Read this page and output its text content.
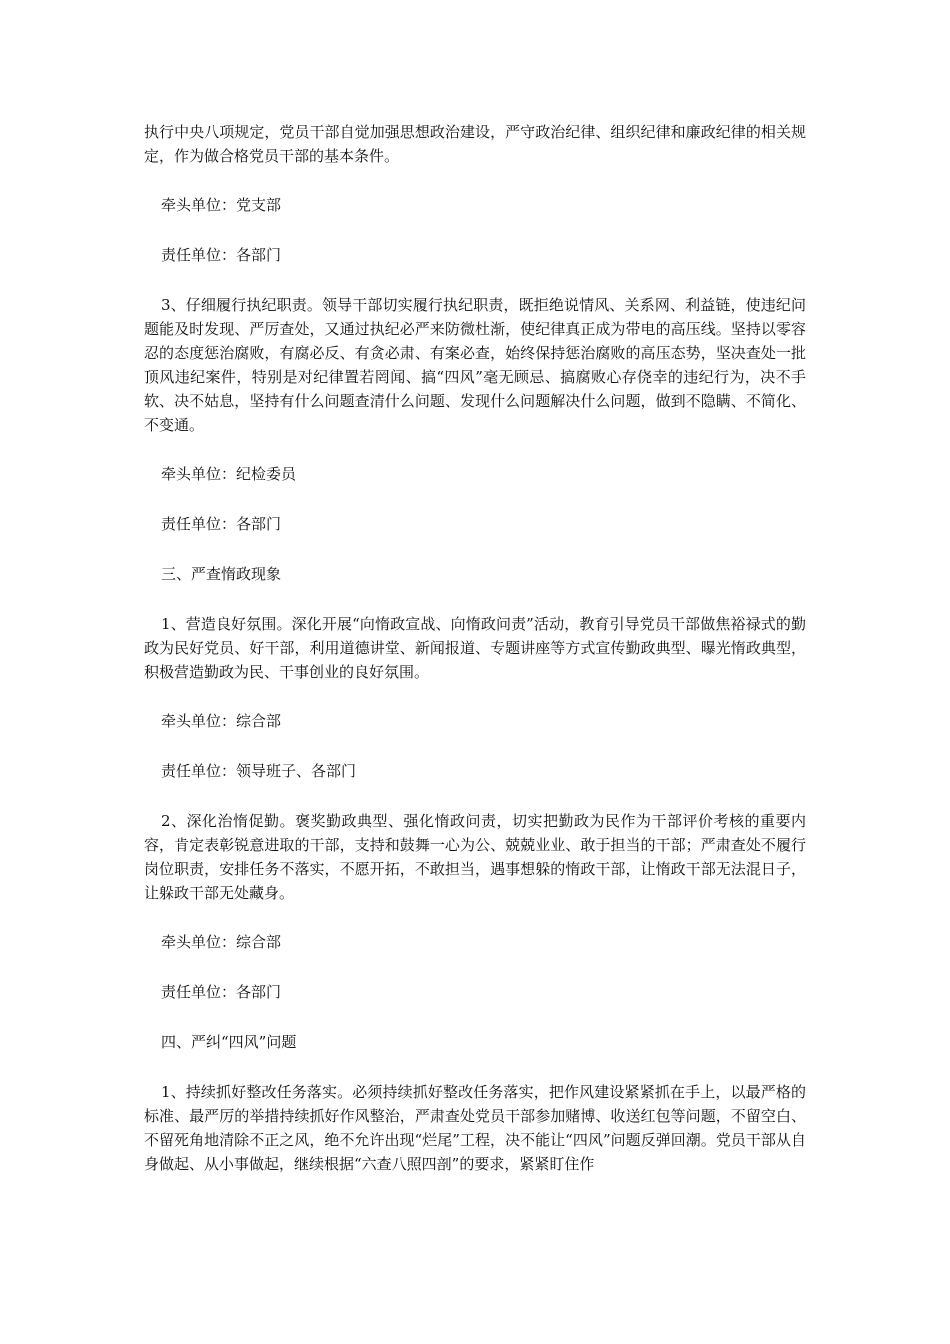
执行中央八项规定，党员干部自觉加强思想政治建设，严守政治纪律、组织纪律和廉政纪律的相关规定，作为做合格党员干部的基本条件。

牵头单位：党支部

责任单位：各部门

3、仔细履行执纪职责。领导干部切实履行执纪职责，既拒绝说情风、关系网、利益链，使违纪问题能及时发现、严厉查处，又通过执纪必严来防微杜渐，使纪律真正成为带电的高压线。坚持以零容忍的态度惩治腐败，有腐必反、有贪必肃、有案必查，始终保持惩治腐败的高压态势，坚决查处一批顶风违纪案件，特别是对纪律置若罔闻、搞“四风”毫无顾忌、搞腐败心存侥幸的违纪行为，决不手软、决不姑息，坚持有什么问题查清什么问题、发现什么问题解决什么问题，做到不隐瞒、不简化、不变通。

牵头单位：纪检委员

责任单位：各部门

三、严查惰政现象

1、营造良好氛围。深化开展“向惰政宣战、向惰政问责”活动，教育引导党员干部做焦裕禄式的勤政为民好党员、好干部，利用道德讲堂、新闻报道、专题讲座等方式宣传勤政典型、曝光惰政典型，积极营造勤政为民、干事创业的良好氛围。

牵头单位：综合部

责任单位：领导班子、各部门

2、深化治惰促勤。褒奖勤政典型、强化惰政问责，切实把勤政为民作为干部评价考核的重要内容，肯定表彰锐意进取的干部，支持和鼓舞一心为公、兢兢业业、敢于担当的干部；严肃查处不履行岗位职责，安排任务不落实，不愿开拓，不敢担当，遇事想躲的惰政干部，让惰政干部无法混日子，让躲政干部无处藏身。

牵头单位：综合部

责任单位：各部门

四、严纠“四风”问题

1、持续抓好整改任务落实。必须持续抓好整改任务落实，把作风建设紧紧抓在手上，以最严格的标准、最严厉的举措持续抓好作风整治，严肃查处党员干部参加赌博、收送红包等问题，不留空白、不留死角地清除不正之风，绝不允许出现“烂尾”工程，决不能让“四风”问题反弹回潮。党员干部从自身做起、从小事做起，继续根据“六查八照四剖”的要求，紧紧盯住作
